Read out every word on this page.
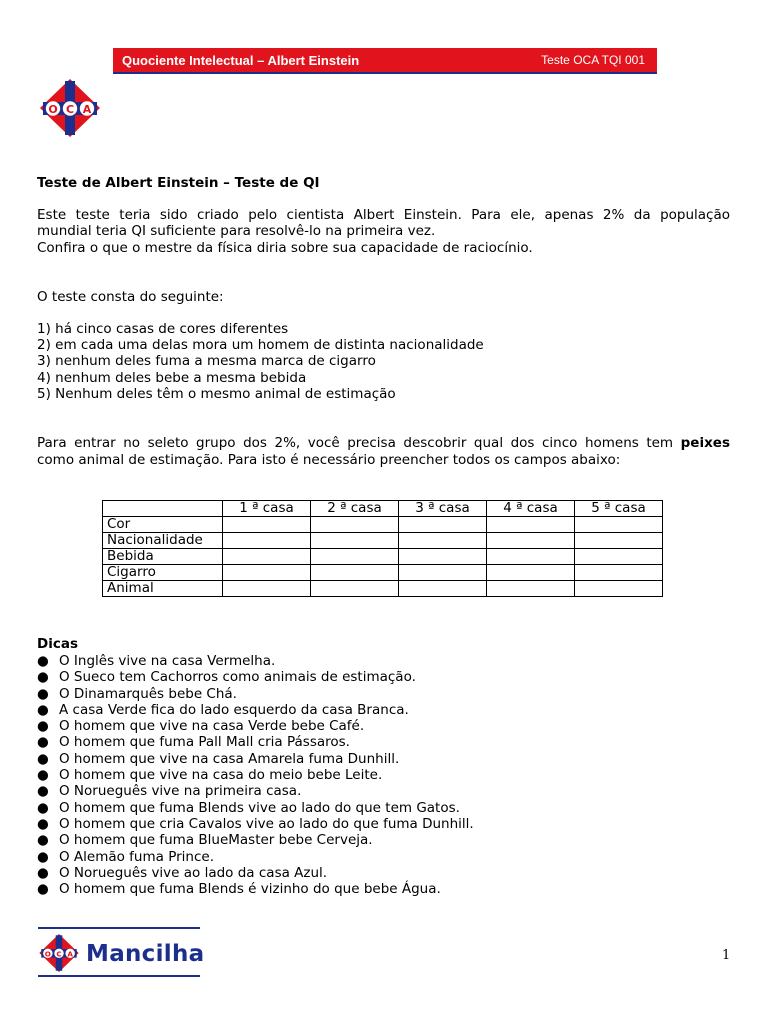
Quociente Intelectual – Albert Einstein	Teste OCA TQI 001
O C A
Teste de Albert Einstein – Teste de QI
Este teste teria sido criado pelo cientista Albert Einstein. Para ele, apenas 2% da população
mundial teria QI suficiente para resolvê-lo na primeira vez.
Confira o que o mestre da física diria sobre sua capacidade de raciocínio.
O teste consta do seguinte:
1) há cinco casas de cores diferentes
2) em cada uma delas mora um homem de distinta nacionalidade
3) nenhum deles fuma a mesma marca de cigarro
4) nenhum deles bebe a mesma bebida
5) Nenhum deles têm o mesmo animal de estimação
Para entrar no seleto grupo dos 2%, você precisa descobrir qual dos cinco homens tem peixes
como animal de estimação. Para isto é necessário preencher todos os campos abaixo:
	1 ª casa	2 ª casa	3 ª casa	4 ª casa	5 ª casa
Cor					
Nacionalidade					
Bebida					
Cigarro					
Animal					
Dicas
● O Inglês vive na casa Vermelha.
● O Sueco tem Cachorros como animais de estimação.
● O Dinamarquês bebe Chá.
● A casa Verde fica do lado esquerdo da casa Branca.
● O homem que vive na casa Verde bebe Café.
● O homem que fuma Pall Mall cria Pássaros.
● O homem que vive na casa Amarela fuma Dunhill.
● O homem que vive na casa do meio bebe Leite.
● O Norueguês vive na primeira casa.
● O homem que fuma Blends vive ao lado do que tem Gatos.
● O homem que cria Cavalos vive ao lado do que fuma Dunhill.
● O homem que fuma BlueMaster bebe Cerveja.
● O Alemão fuma Prince.
● O Norueguês vive ao lado da casa Azul.
● O homem que fuma Blends é vizinho do que bebe Água.
O C A Mancilha	1
